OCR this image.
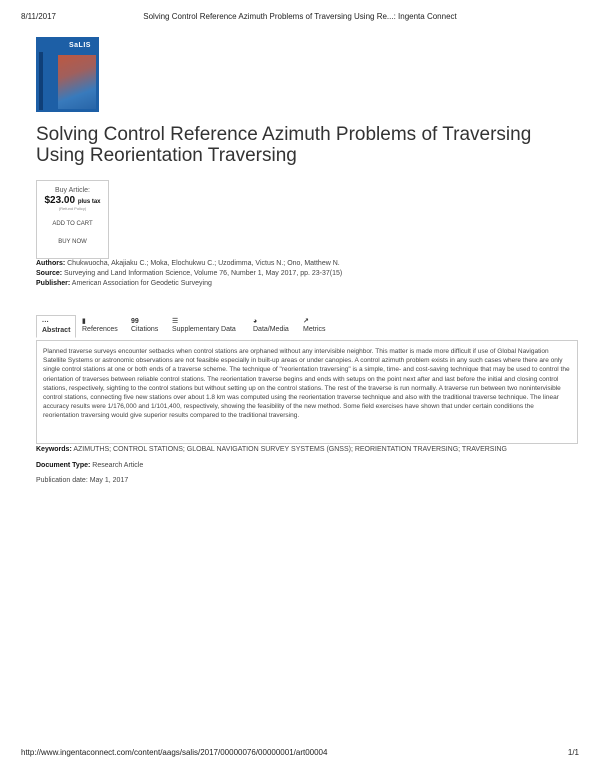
8/11/2017	Solving Control Reference Azimuth Problems of Traversing Using Re...: Ingenta Connect
SaLIS
Solving Control Reference Azimuth Problems of Traversing Using Reorientation Traversing
Buy Article:
$23.00 plus tax
(Refund Policy)
ADD TO CART
BUY NOW
Authors: Chukwuocha, Akajiaku C.; Moka, Elochukwu C.; Uzodimma, Victus N.; Ono, Matthew N.
Source: Surveying and Land Information Science, Volume 76, Number 1, May 2017, pp. 23-37(15)
Publisher: American Association for Geodetic Surveying
···
Abstract
▮
References
99
Citations
☰
Supplementary Data
◕
Data/Media
↗
Metrics
Planned traverse surveys encounter setbacks when control stations are orphaned without any intervisible neighbor. This matter is made more difficult if use of Global Navigation Satellite Systems or astronomic observations are not feasible especially in built-up areas or under canopies. A control azimuth problem exists in any such cases where there are only single control stations at one or both ends of a traverse scheme. The technique of "reorientation traversing" is a simple, time- and cost-saving technique that may be used to control the orientation of traverses between reliable control stations. The reorientation traverse begins and ends with setups on the point next after and last before the initial and closing control stations, respectively, sighting to the control stations but without setting up on the control stations. The rest of the traverse is run normally. A traverse run between two nonintervisible control stations, connecting five new stations over about 1.8 km was computed using the reorientation traverse technique and also with the traditional traverse technique. The linear accuracy results were 1/176,000 and 1/101,400, respectively, showing the feasibility of the new method. Some field exercises have shown that under certain conditions the reorientation traversing would give superior results compared to the traditional traversing.
Keywords: AZIMUTHS; CONTROL STATIONS; GLOBAL NAVIGATION SURVEY SYSTEMS (GNSS); REORIENTATION TRAVERSING; TRAVERSING
Document Type: Research Article
Publication date: May 1, 2017
http://www.ingentaconnect.com/content/aags/salis/2017/00000076/00000001/art00004	1/1
